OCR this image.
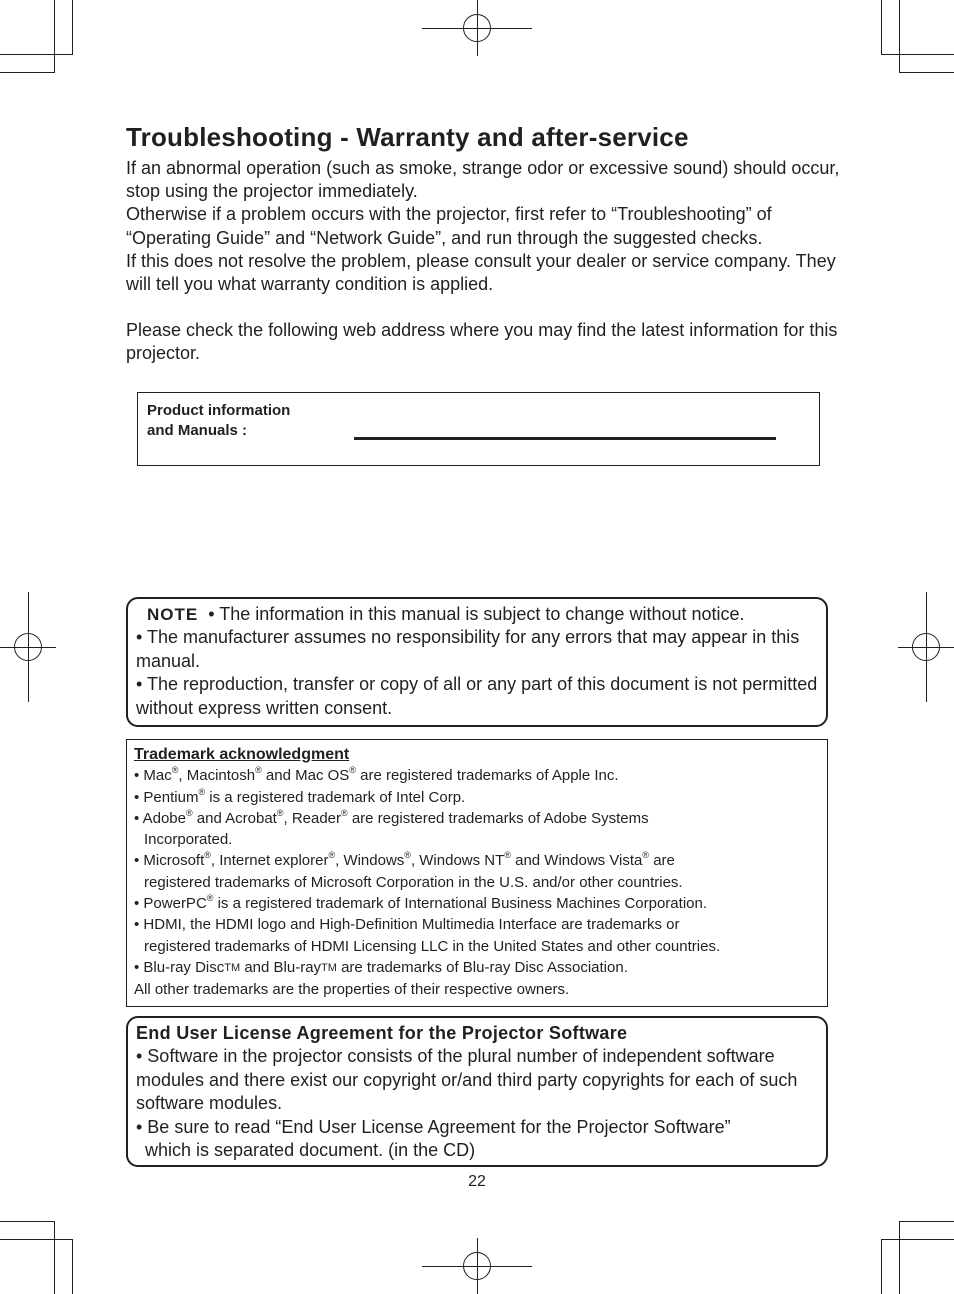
Troubleshooting - Warranty and after-service

If an abnormal operation (such as smoke, strange odor or excessive sound) should occur, stop using the projector immediately.

Otherwise if a problem occurs with the projector, first refer to “Troubleshooting” of “Operating Guide” and “Network Guide”, and run through the suggested checks.

If this does not resolve the problem, please consult your dealer or service company. They will tell you what warranty condition is applied.

Please check the following web address where you may find the latest information for this projector.

Product information and Manuals :

NOTE • The information in this manual is subject to change without notice.

• The manufacturer assumes no responsibility for any errors that may appear in this manual.

• The reproduction, transfer or copy of all or any part of this document is not permitted without express written consent.

Trademark acknowledgment

• Mac®, Macintosh® and Mac OS® are registered trademarks of Apple Inc.

• Pentium® is a registered trademark of Intel Corp.

• Adobe® and Acrobat®, Reader® are registered trademarks of Adobe Systems

Incorporated.

• Microsoft®, Internet explorer®, Windows®, Windows NT® and Windows Vista® are

registered trademarks of Microsoft Corporation in the U.S. and/or other countries.

• PowerPC® is a registered trademark of International Business Machines Corporation.

• HDMI, the HDMI logo and High-Definition Multimedia Interface are trademarks or

registered trademarks of HDMI Licensing LLC in the United States and other countries.

• Blu-ray DiscTM and Blu-rayTM are trademarks of Blu-ray Disc Association.

All other trademarks are the properties of their respective owners.

End User License Agreement for the Projector Software

• Software in the projector consists of the plural number of independent software modules and there exist our copyright or/and third party copyrights for each of such software modules.

• Be sure to read “End User License Agreement for the Projector Software”

which is separated document. (in the CD)

22
